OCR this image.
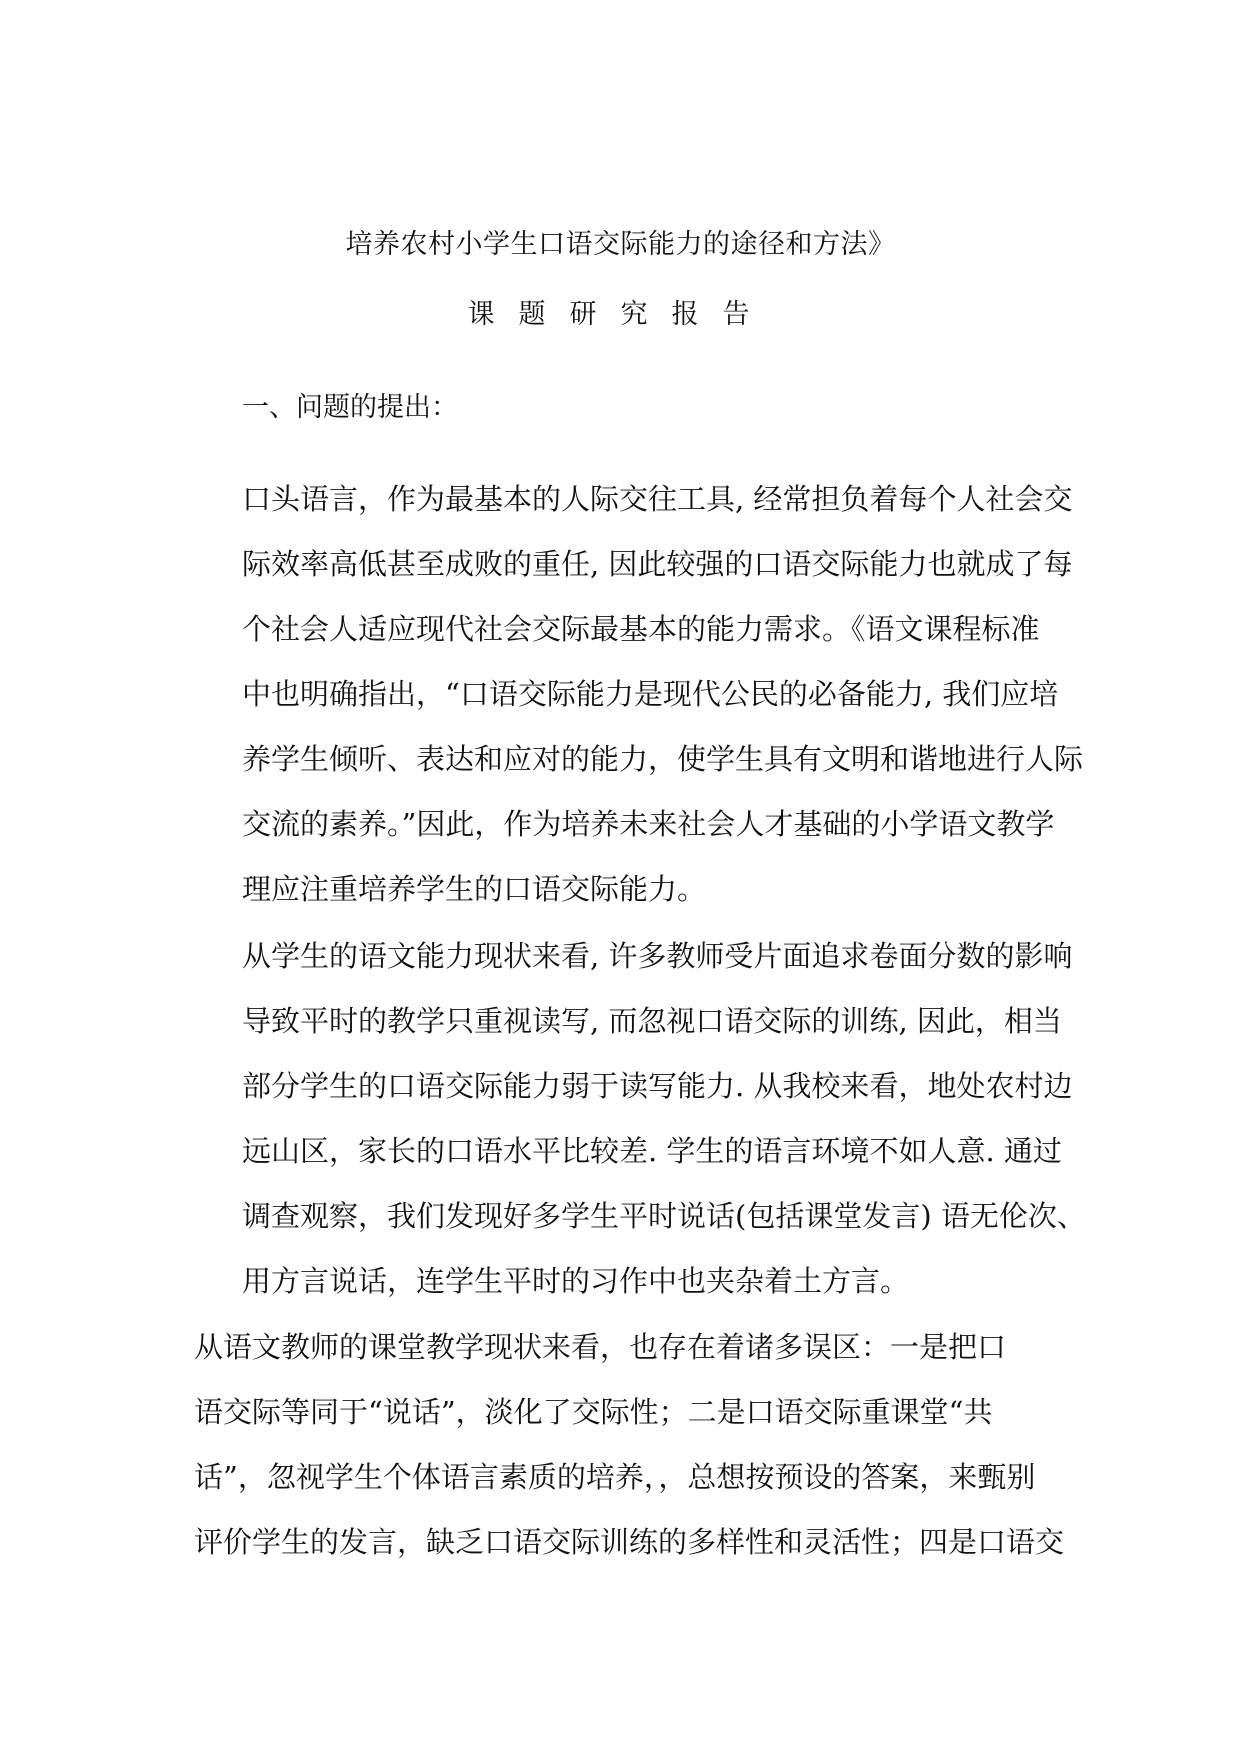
培养农村小学生口语交际能力的途径和方法》
课题研究报告
一、问题的提出：
口头语言，作为最基本的人际交往工具, 经常担负着每个人社会交
际效率高低甚至成败的重任, 因此较强的口语交际能力也就成了每
个社会人适应现代社会交际最基本的能力需求。《语文课程标准
中也明确指出，“口语交际能力是现代公民的必备能力, 我们应培
养学生倾听、表达和应对的能力，使学生具有文明和谐地进行人际
交流的素养。”因此，作为培养未来社会人才基础的小学语文教学
理应注重培养学生的口语交际能力。
从学生的语文能力现状来看, 许多教师受片面追求卷面分数的影响
导致平时的教学只重视读写, 而忽视口语交际的训练, 因此，相当
部分学生的口语交际能力弱于读写能力. 从我校来看，地处农村边
远山区，家长的口语水平比较差. 学生的语言环境不如人意. 通过
调查观察，我们发现好多学生平时说话(包括课堂发言) 语无伦次、
用方言说话，连学生平时的习作中也夹杂着土方言。
从语文教师的课堂教学现状来看，也存在着诸多误区：一是把口
语交际等同于“说话”，淡化了交际性；二是口语交际重课堂“共
话”，忽视学生个体语言素质的培养，，总想按预设的答案，来甄别
评价学生的发言，缺乏口语交际训练的多样性和灵活性；四是口语交
